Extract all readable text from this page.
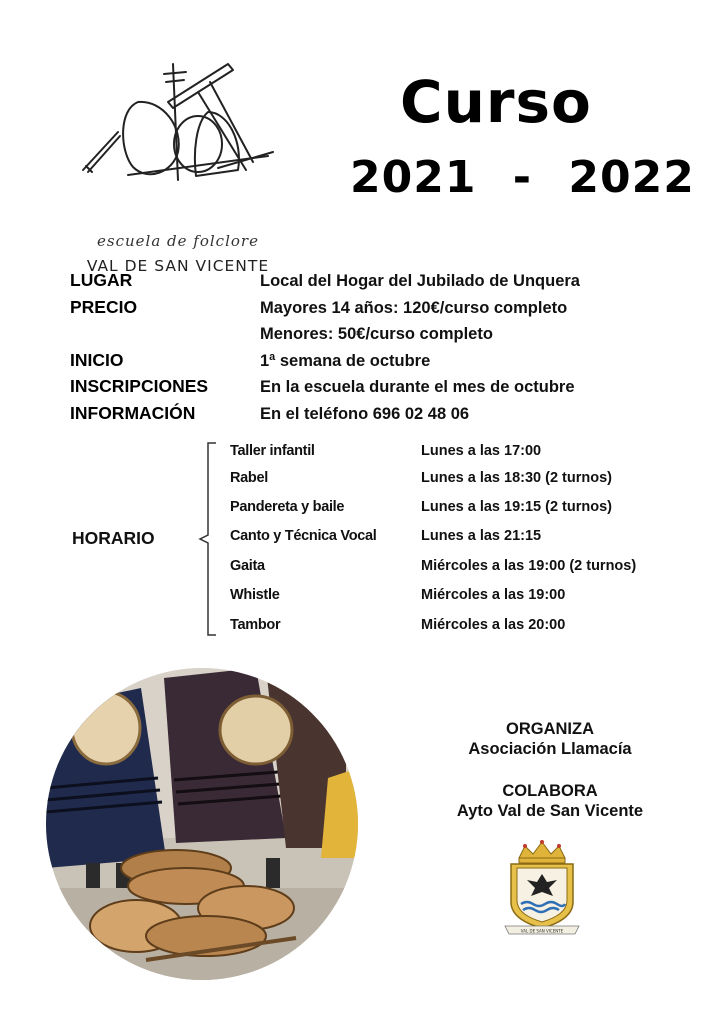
escuela de folclore
VAL DE SAN VICENTE
Curso
2021 - 2022
LUGAR	Local del Hogar del Jubilado de Unquera
PRECIO	Mayores 14 años: 120€/curso completo
Menores: 50€/curso completo
INICIO	1ª semana de octubre
INSCRIPCIONES	En la escuela durante el mes de octubre
INFORMACIÓN	En el teléfono 696 02 48 06
HORARIO
Taller infantil	Lunes a las 17:00
Rabel	Lunes a las 18:30 (2 turnos)
Pandereta y baile	Lunes a las 19:15 (2 turnos)
Canto y Técnica Vocal	Lunes a las 21:15
Gaita	Miércoles a las 19:00 (2 turnos)
Whistle	Miércoles a las 19:00
Tambor	Miércoles a las 20:00
ORGANIZA
Asociación Llamacía
COLABORA
Ayto Val de San Vicente
VAL DE SAN VICENTE
